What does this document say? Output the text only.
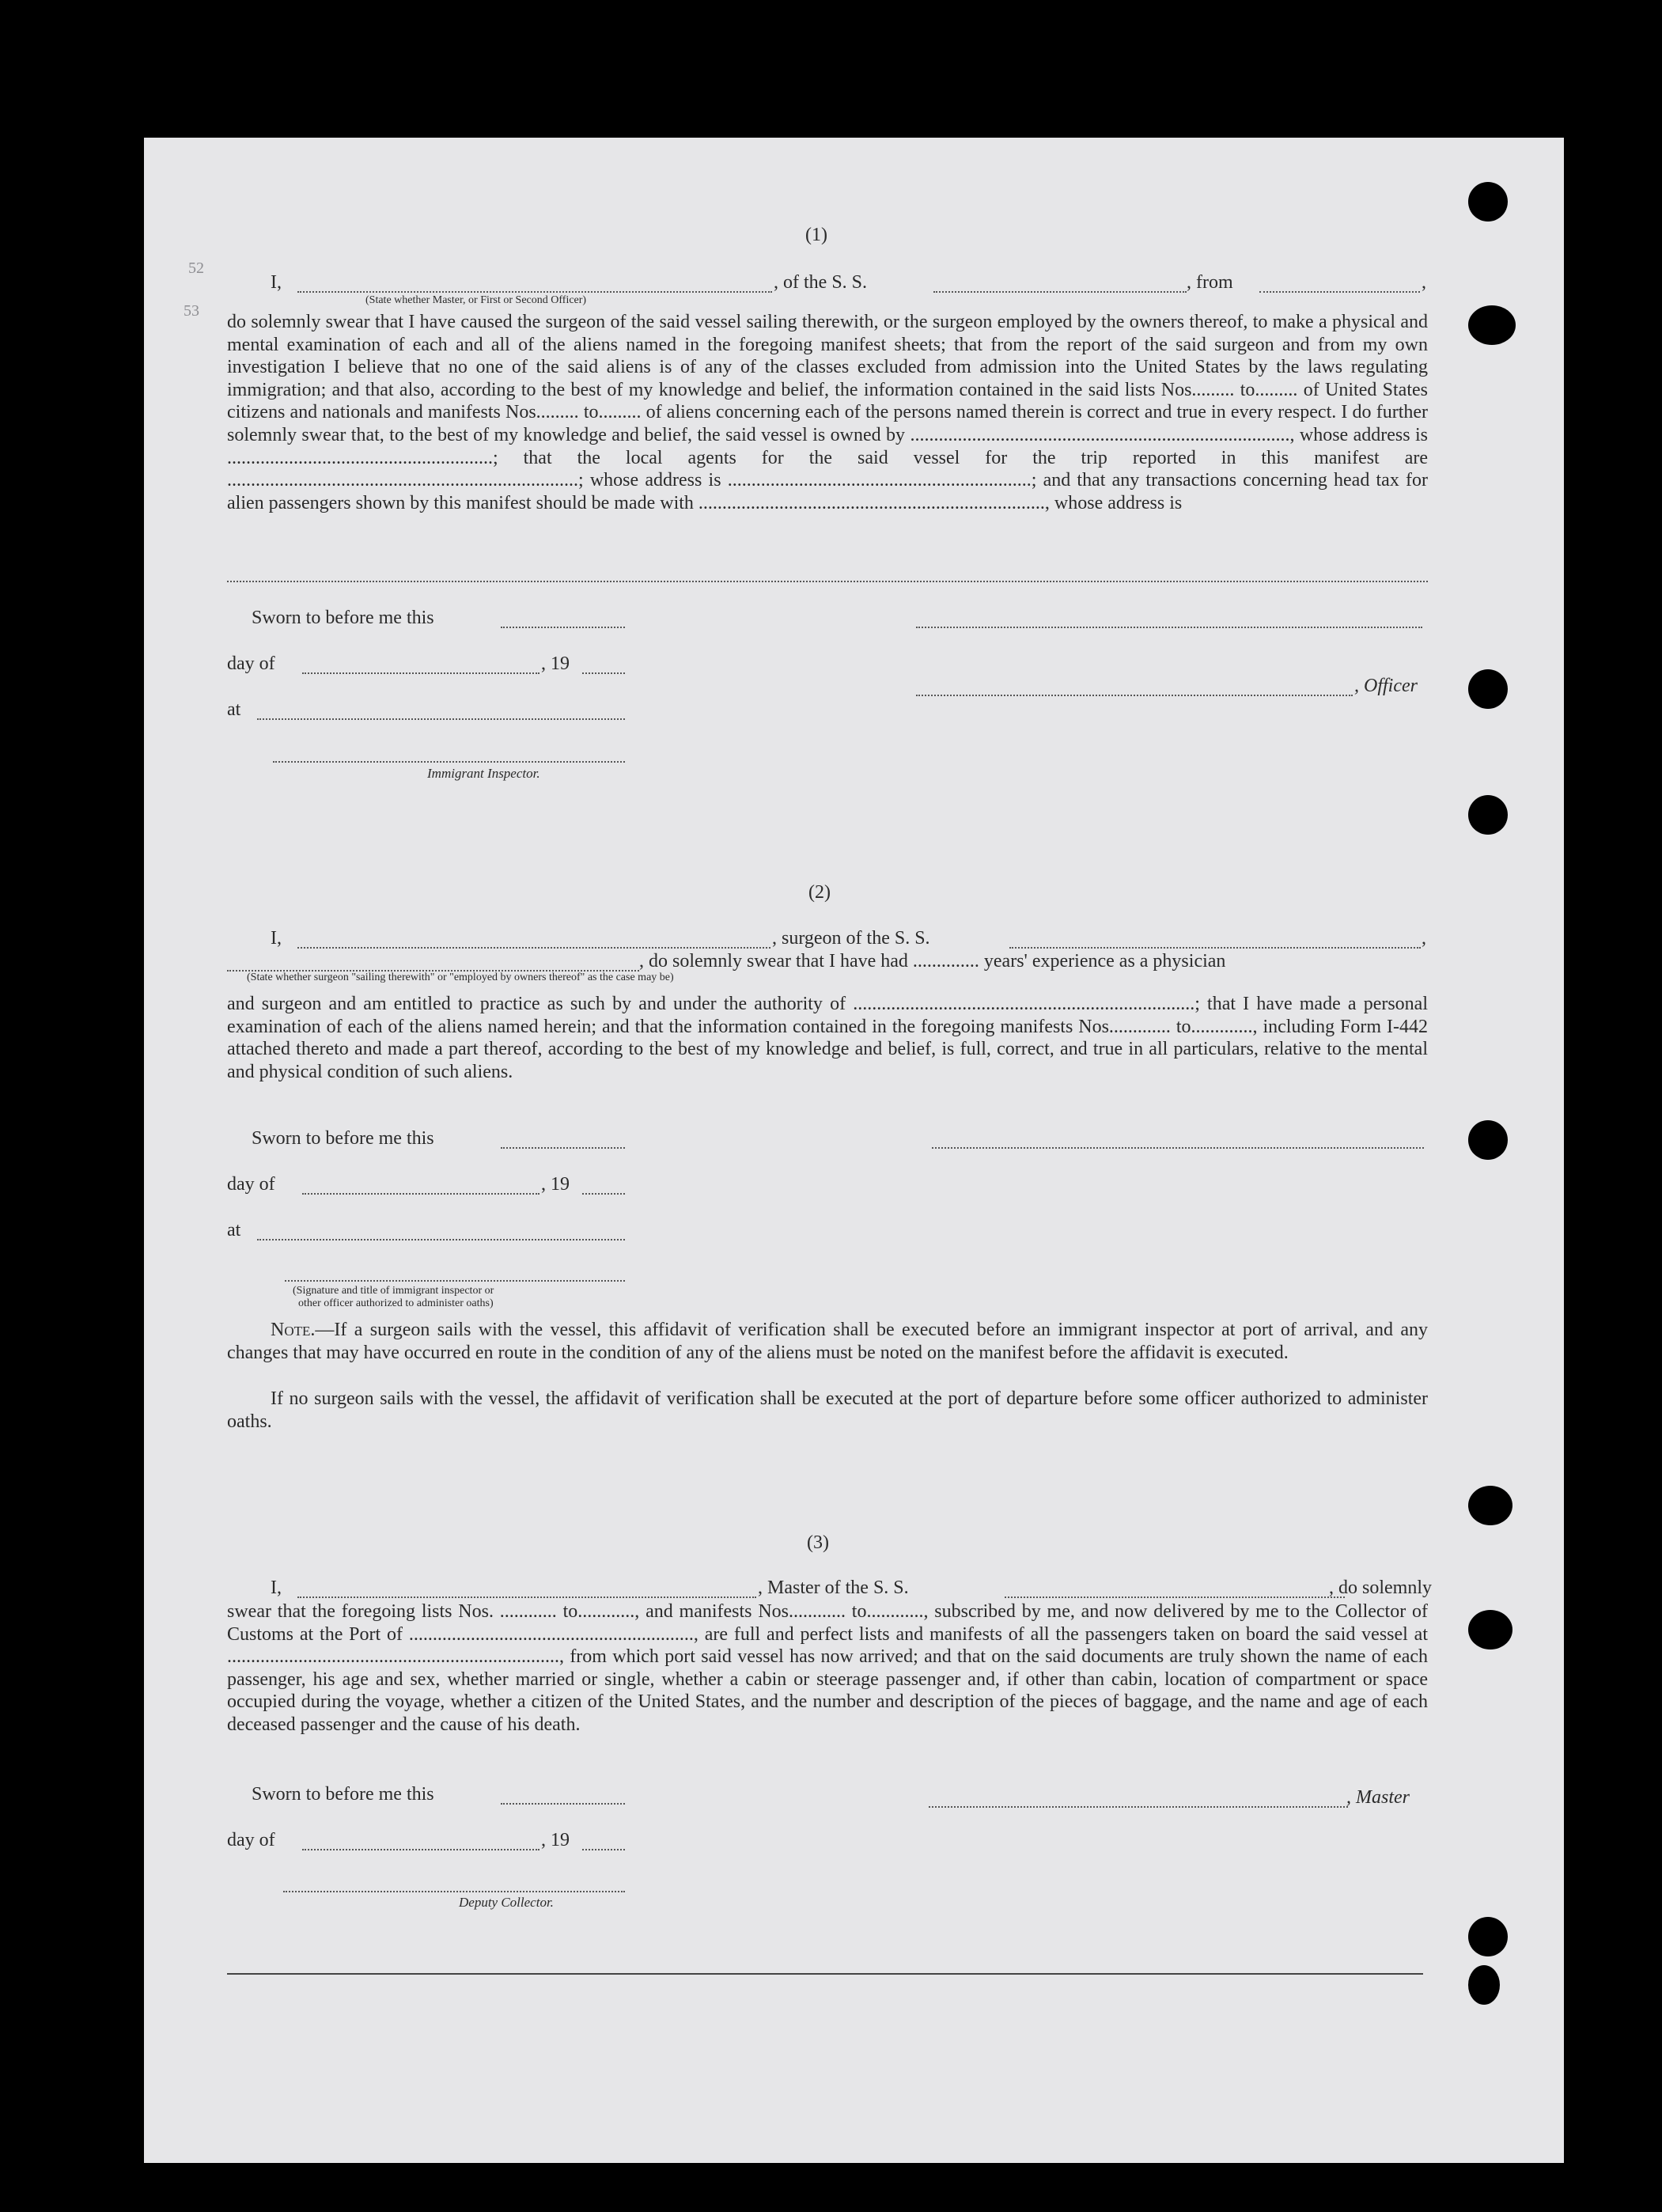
52
53
(1)
I,	, of the S. S.	, from	,
(State whether Master, or First or Second Officer)
do solemnly swear that I have caused the surgeon of the said vessel sailing therewith, or the surgeon employed by the owners thereof, to make a physical and mental examination of each and all of the aliens named in the foregoing manifest sheets; that from the report of the said surgeon and from my own investigation I believe that no one of the said aliens is of any of the classes excluded from admission into the United States by the laws regulating immigration; and that also, according to the best of my knowledge and belief, the information contained in the said lists Nos......... to......... of United States citizens and nationals and manifests Nos......... to......... of aliens concerning each of the persons named therein is correct and true in every respect. I do further solemnly swear that, to the best of my knowledge and belief, the said vessel is owned by ................................................................................, whose address is ........................................................; that the local agents for the said vessel for the trip reported in this manifest are ..........................................................................; whose address is ................................................................; and that any transactions concerning head tax for alien passengers shown by this manifest should be made with ........................................................................., whose address is
Sworn to before me this
day of	, 19
, Officer
at
Immigrant Inspector.
(2)
I,	, surgeon of the S. S.	,
, do solemnly swear that I have had .............. years' experience as a physician
(State whether surgeon "sailing therewith" or "employed by owners thereof" as the case may be)
and surgeon and am entitled to practice as such by and under the authority of ........................................................................; that I have made a personal examination of each of the aliens named herein; and that the information contained in the foregoing manifests Nos............. to............., including Form I-442 attached thereto and made a part thereof, according to the best of my knowledge and belief, is full, correct, and true in all particulars, relative to the mental and physical condition of such aliens.
Sworn to before me this
day of	, 19
at
(Signature and title of immigrant inspector or
other officer authorized to administer oaths)
Note.—If a surgeon sails with the vessel, this affidavit of verification shall be executed before an immigrant inspector at port of arrival, and any changes that may have occurred en route in the condition of any of the aliens must be noted on the manifest before the affidavit is executed.
If no surgeon sails with the vessel, the affidavit of verification shall be executed at the port of departure before some officer authorized to administer oaths.
(3)
I,	, Master of the S. S.	, do solemnly
swear that the foregoing lists Nos. ............ to............, and manifests Nos............ to............, subscribed by me, and now delivered by me to the Collector of Customs at the Port of ............................................................, are full and perfect lists and manifests of all the passengers taken on board the said vessel at ......................................................................, from which port said vessel has now arrived; and that on the said documents are truly shown the name of each passenger, his age and sex, whether married or single, whether a cabin or steerage passenger and, if other than cabin, location of compartment or space occupied during the voyage, whether a citizen of the United States, and the number and description of the pieces of baggage, and the name and age of each deceased passenger and the cause of his death.
Sworn to before me this	, Master
day of	, 19
Deputy Collector.
